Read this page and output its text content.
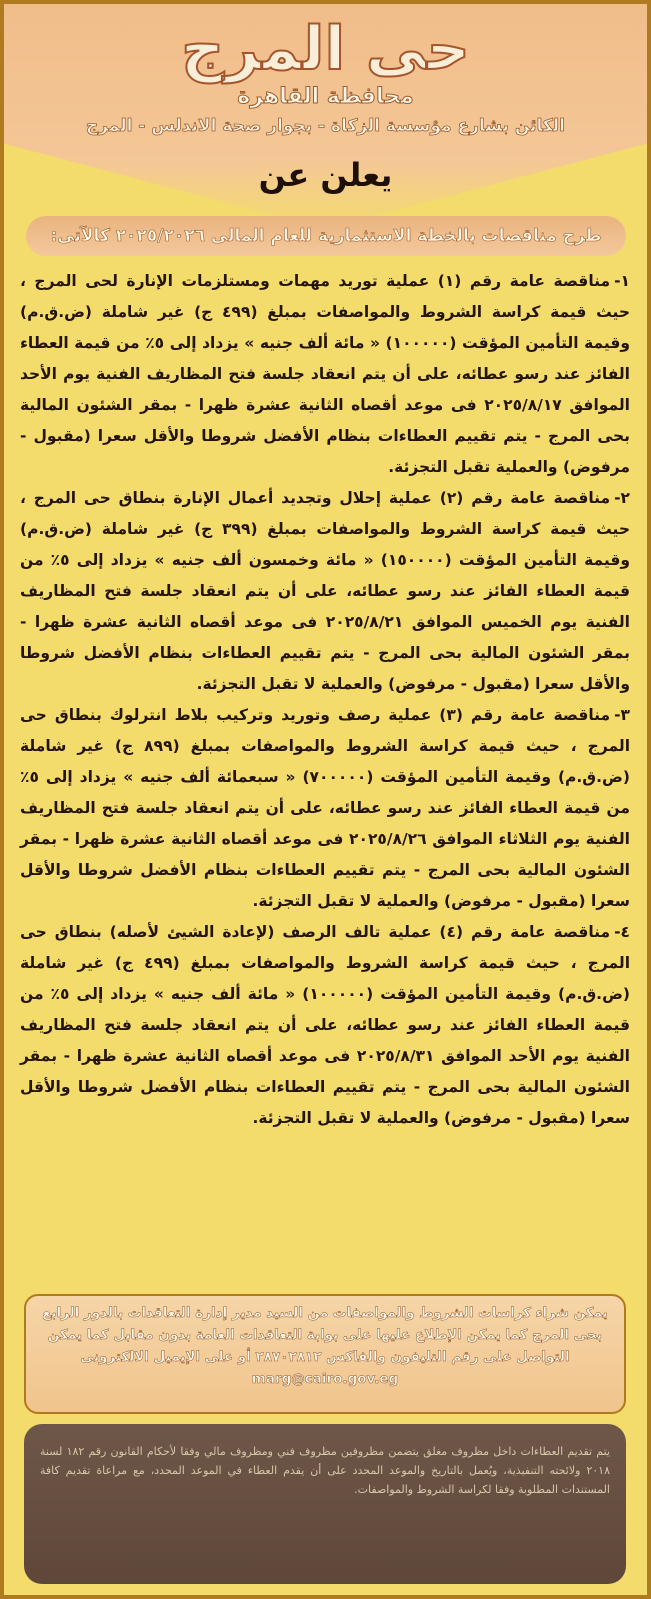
حى المرج
محافظة القاهرة
الكائن بشارع مؤسسة الزكاة - بجوار صحة الاندلس - المرج
يعلن عن
طرح مناقصات بالخطة الاستثمارية للعام المالى ٢٠٢٥/٢٠٢٦ كالآتى:

١-مناقصة عامة رقم (١) عملية توريد مهمات ومستلزمات الإنارة لحى المرج ، حيث قيمة كراسة الشروط والمواصفات بمبلغ (٤٩٩ ج) غير شاملة (ض.ق.م) وقيمة التأمين المؤقت (١٠٠٠٠٠) « مائة ألف جنيه » يزداد إلى ٥٪ من قيمة العطاء الفائز عند رسو عطائه، على أن يتم انعقاد جلسة فتح المظاريف الفنية يوم الأحد الموافق ٢٠٢٥/٨/١٧ فى موعد أقصاه الثانية عشرة ظهرا - بمقر الشئون المالية بحى المرج - يتم تقييم العطاءات بنظام الأفضل شروطا والأقل سعرا (مقبول - مرفوض) والعملية تقبل التجزئة.

٢-مناقصة عامة رقم (٢) عملية إحلال وتجديد أعمال الإنارة بنطاق حى المرج ، حيث قيمة كراسة الشروط والمواصفات بمبلغ (٣٩٩ ج) غير شاملة (ض.ق.م) وقيمة التأمين المؤقت (١٥٠٠٠٠) « مائة وخمسون ألف جنيه » يزداد إلى ٥٪ من قيمة العطاء الفائز عند رسو عطائه، على أن يتم انعقاد جلسة فتح المظاريف الفنية يوم الخميس الموافق ٢٠٢٥/٨/٢١ فى موعد أقصاه الثانية عشرة ظهرا - بمقر الشئون المالية بحى المرج - يتم تقييم العطاءات بنظام الأفضل شروطا والأقل سعرا (مقبول - مرفوض) والعملية لا تقبل التجزئة.

٣-مناقصة عامة رقم (٣) عملية رصف وتوريد وتركيب بلاط انترلوك بنطاق حى المرج ، حيث قيمة كراسة الشروط والمواصفات بمبلغ (٨٩٩ ج) غير شاملة (ض.ق.م) وقيمة التأمين المؤقت (٧٠٠٠٠٠) « سبعمائة ألف جنيه » يزداد إلى ٥٪ من قيمة العطاء الفائز عند رسو عطائه، على أن يتم انعقاد جلسة فتح المظاريف الفنية يوم الثلاثاء الموافق ٢٠٢٥/٨/٢٦ فى موعد أقصاه الثانية عشرة ظهرا - بمقر الشئون المالية بحى المرج - يتم تقييم العطاءات بنظام الأفضل شروطا والأقل سعرا (مقبول - مرفوض) والعملية لا تقبل التجزئة.

٤-مناقصة عامة رقم (٤) عملية تالف الرصف (لإعادة الشيئ لأصله) بنطاق حى المرج ، حيث قيمة كراسة الشروط والمواصفات بمبلغ (٤٩٩ ج) غير شاملة (ض.ق.م) وقيمة التأمين المؤقت (١٠٠٠٠٠) « مائة ألف جنيه » يزداد إلى ٥٪ من قيمة العطاء الفائز عند رسو عطائه، على أن يتم انعقاد جلسة فتح المظاريف الفنية يوم الأحد الموافق ٢٠٢٥/٨/٣١ فى موعد أقصاه الثانية عشرة ظهرا - بمقر الشئون المالية بحى المرج - يتم تقييم العطاءات بنظام الأفضل شروطا والأقل سعرا (مقبول - مرفوض) والعملية لا تقبل التجزئة.

يمكن شراء كراسات الشروط والمواصفات من السيد مدير إدارة التعاقدات بالدور الرابع بحى المرج كما يمكن الإطلاع عليها على بوابة التعاقدات العامة بدون مقابل كما يمكن التواصل على رقم التليفون والفاكس ٢٨٧٠٢٨١٢ أو على الإيميل الالكترونى marg@cairo.gov.eg
يتم تقديم العطاءات داخل مظروف مغلق يتضمن مظروفين مظروف فني ومظروف مالي وفقا لأحكام القانون رقم ١٨٢ لسنة ٢٠١٨ ولائحته التنفيذية، ويُعمل بالتاريخ والموعد المحدد على أن يقدم العطاء في الموعد المحدد، مع مراعاة تقديم كافة المستندات المطلوبة وفقا لكراسة الشروط والمواصفات.
